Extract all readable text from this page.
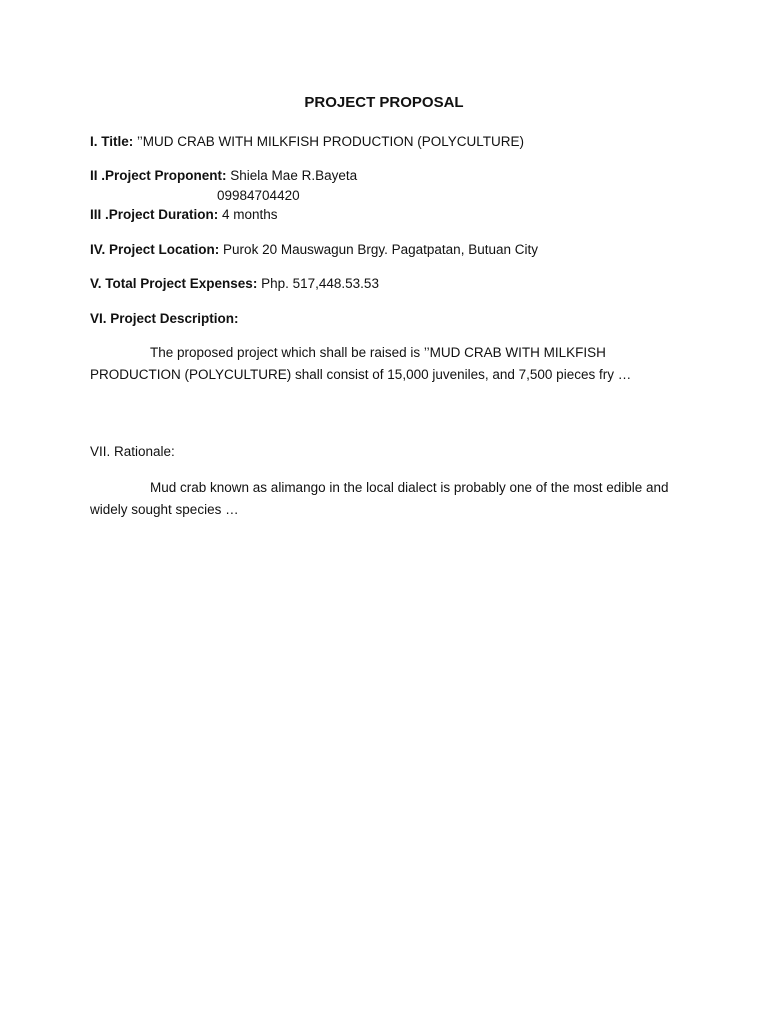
PROJECT PROPOSAL
I. Title: ’’MUD CRAB WITH MILKFISH PRODUCTION (POLYCULTURE)
II .Project Proponent: Shiela Mae R.Bayeta
09984704420
III .Project Duration: 4 months
IV. Project Location: Purok 20 Mauswagun Brgy. Pagatpatan, Butuan City
V. Total Project Expenses: Php. 517,448.53.53
VI. Project Description:
The proposed project which shall be raised is ’’MUD CRAB WITH MILKFISH PRODUCTION (POLYCULTURE) shall consist of 15,000 juveniles, and 7,500 pieces fry …
VII. Rationale:
Mud crab known as alimango in the local dialect is probably one of the most edible and widely sought species …
